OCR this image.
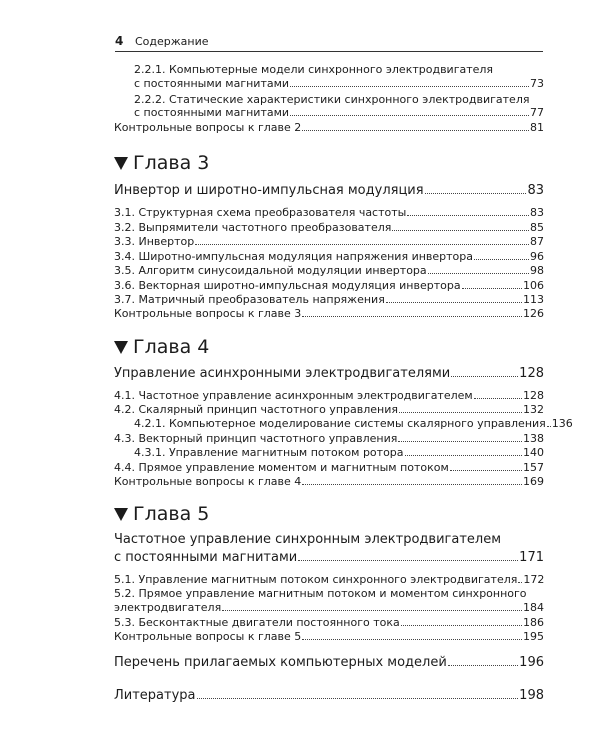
4 Содержание
2.2.1. Компьютерные модели синхронного электродвигателя
с постоянными магнитами	73
2.2.2. Статические характеристики синхронного электродвигателя
с постоянными магнитами	77
Контрольные вопросы к главе 2	81
Инвертор и широтно-импульсная модуляция	83
3.1. Структурная схема преобразователя частоты	83
3.2. Выпрямители частотного преобразователя	85
3.3. Инвертор	87
3.4. Широтно-импульсная модуляция напряжения инвертора	96
3.5. Алгоритм синусоидальной модуляции инвертора	98
3.6. Векторная широтно-импульсная модуляция инвертора	106
3.7. Матричный преобразователь напряжения	113
Контрольные вопросы к главе 3	126
Управление асинхронными электродвигателями	128
4.1. Частотное управление асинхронным электродвигателем	128
4.2. Скалярный принцип частотного управления	132
4.2.1. Компьютерное моделирование системы скалярного управления 136
4.3. Векторный принцип частотного управления	138
4.3.1. Управление магнитным потоком ротора	140
4.4. Прямое управление моментом и магнитным потоком	157
Контрольные вопросы к главе 4	169
Частотное управление синхронным электродвигателем
с постоянными магнитами	171
5.1. Управление магнитным потоком синхронного электродвигателя 172
5.2. Прямое управление магнитным потоком и моментом синхронного
электродвигателя	184
5.3. Бесконтактные двигатели постоянного тока	186
Контрольные вопросы к главе 5	195
Перечень прилагаемых компьютерных моделей	196
Литература	198
Глава 3
Глава 4
Глава 5
